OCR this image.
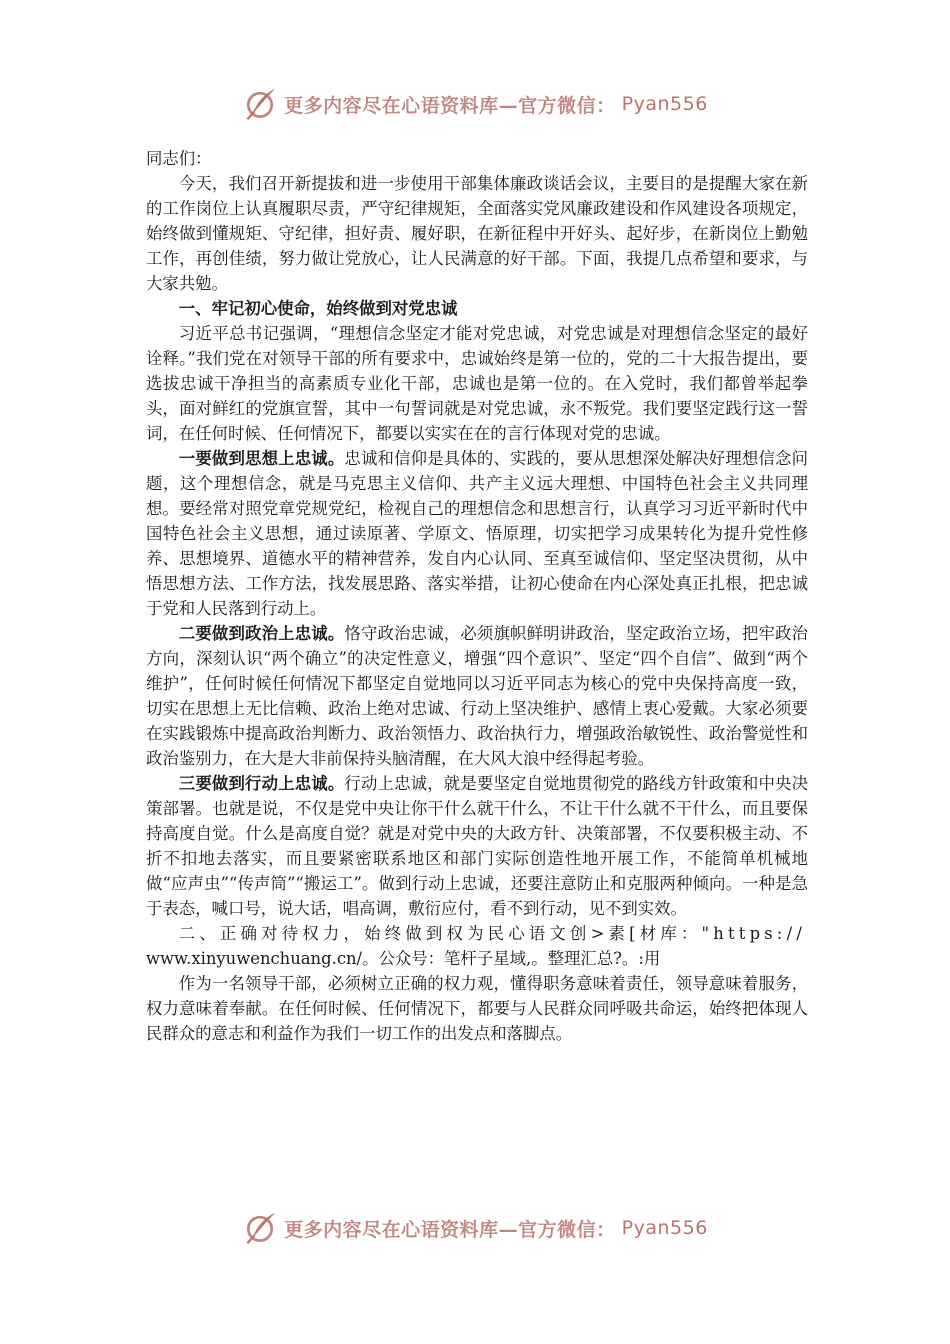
更多内容尽在心语资料库—官方微信： Pyan556

同志们：

今天，我们召开新提拔和进一步使用干部集体廉政谈话会议，主要目的是提醒大家在新的工作岗位上认真履职尽责，严守纪律规矩，全面落实党风廉政建设和作风建设各项规定，始终做到懂规矩、守纪律，担好责、履好职，在新征程中开好头、起好步，在新岗位上勤勉工作，再创佳绩，努力做让党放心，让人民满意的好干部。下面，我提几点希望和要求，与大家共勉。

一、牢记初心使命，始终做到对党忠诚

习近平总书记强调，“理想信念坚定才能对党忠诚，对党忠诚是对理想信念坚定的最好诠释。”我们党在对领导干部的所有要求中，忠诚始终是第一位的，党的二十大报告提出，要选拔忠诚干净担当的高素质专业化干部，忠诚也是第一位的。在入党时，我们都曾举起拳头，面对鲜红的党旗宣誓，其中一句誓词就是对党忠诚，永不叛党。我们要坚定践行这一誓词，在任何时候、任何情况下，都要以实实在在的言行体现对党的忠诚。

一要做到思想上忠诚。忠诚和信仰是具体的、实践的，要从思想深处解决好理想信念问题，这个理想信念，就是马克思主义信仰、共产主义远大理想、中国特色社会主义共同理想。要经常对照党章党规党纪，检视自己的理想信念和思想言行，认真学习习近平新时代中国特色社会主义思想，通过读原著、学原文、悟原理，切实把学习成果转化为提升党性修养、思想境界、道德水平的精神营养，发自内心认同、至真至诚信仰、坚定坚决贯彻，从中悟思想方法、工作方法，找发展思路、落实举措，让初心使命在内心深处真正扎根，把忠诚于党和人民落到行动上。

二要做到政治上忠诚。恪守政治忠诚，必须旗帜鲜明讲政治，坚定政治立场，把牢政治方向，深刻认识“两个确立”的决定性意义，增强“四个意识”、坚定“四个自信”、做到“两个维护”，任何时候任何情况下都坚定自觉地同以习近平同志为核心的党中央保持高度一致，切实在思想上无比信赖、政治上绝对忠诚、行动上坚决维护、感情上衷心爱戴。大家必须要在实践锻炼中提高政治判断力、政治领悟力、政治执行力，增强政治敏锐性、政治警觉性和政治鉴别力，在大是大非前保持头脑清醒，在大风大浪中经得起考验。

三要做到行动上忠诚。行动上忠诚，就是要坚定自觉地贯彻党的路线方针政策和中央决策部署。也就是说，不仅是党中央让你干什么就干什么，不让干什么就不干什么，而且要保持高度自觉。什么是高度自觉？就是对党中央的大政方针、决策部署，不仅要积极主动、不折不扣地去落实，而且要紧密联系地区和部门实际创造性地开展工作，不能简单机械地做“应声虫”“传声筒”“搬运工”。做到行动上忠诚，还要注意防止和克服两种倾向。一种是急于表态，喊口号，说大话，唱高调，敷衍应付，看不到行动，见不到实效。

二、正确对待权力，始终做到权为民心语文创>素[材库："https://

www.xinyuwenchuang.cn/。公众号：笔杆子星域,。整理汇总?。:用

作为一名领导干部，必须树立正确的权力观，懂得职务意味着责任，领导意味着服务，权力意味着奉献。在任何时候、任何情况下，都要与人民群众同呼吸共命运，始终把体现人民群众的意志和利益作为我们一切工作的出发点和落脚点。

更多内容尽在心语资料库—官方微信： Pyan556
